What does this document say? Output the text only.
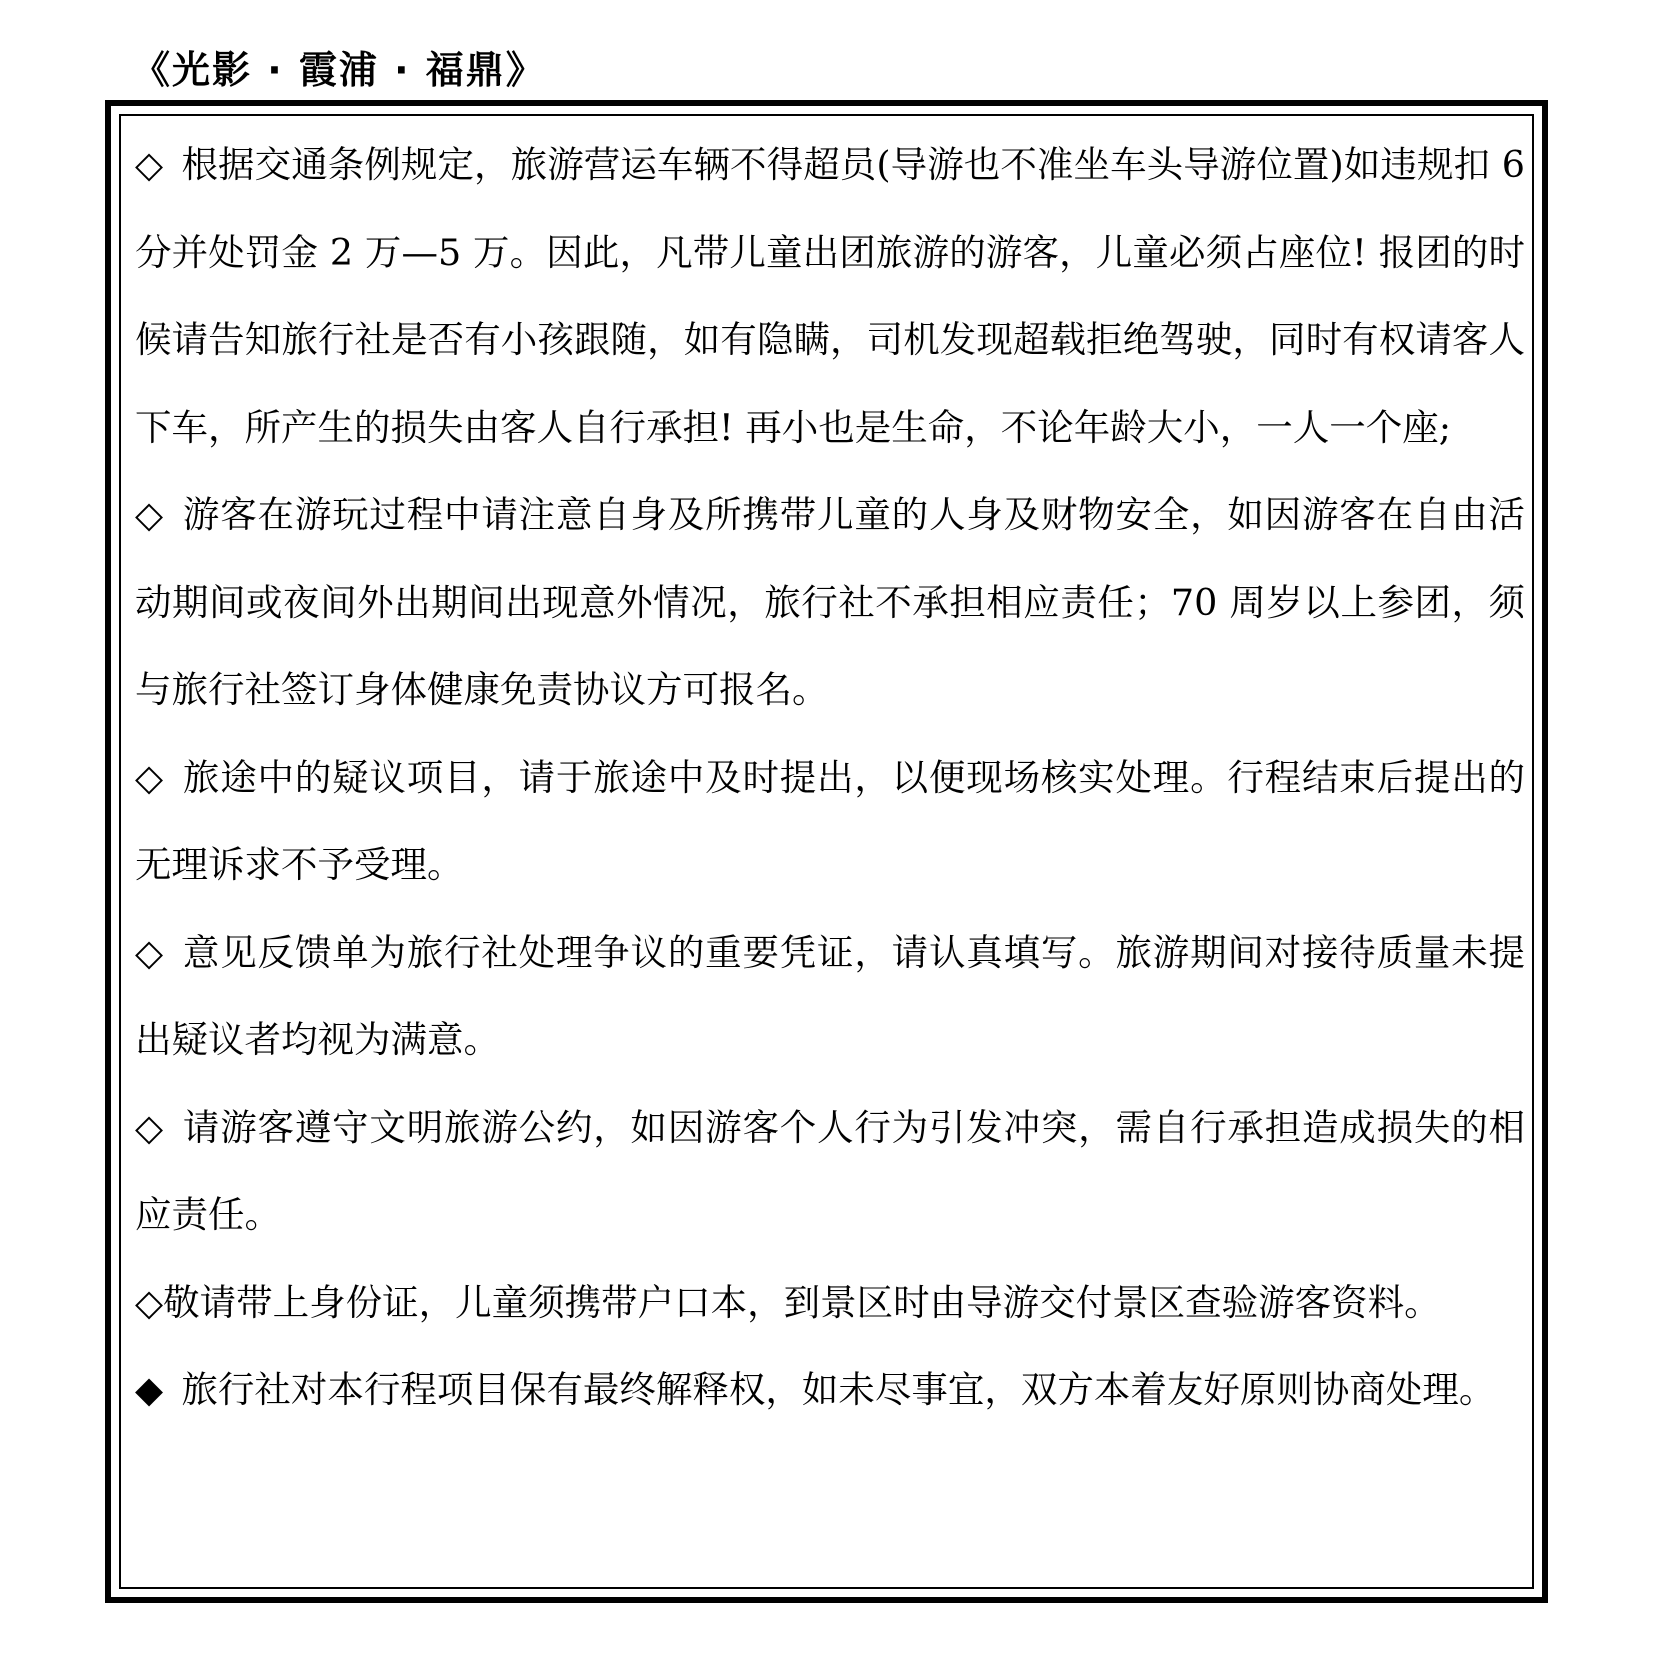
《光影 · 霞浦 · 福鼎》

◇  根据交通条例规定，旅游营运车辆不得超员(导游也不准坐车头导游位置)如违规扣 6 分并处罚金 2 万—5 万。因此，凡带儿童出团旅游的游客，儿童必须占座位! 报团的时候请告知旅行社是否有小孩跟随，如有隐瞒，司机发现超载拒绝驾驶，同时有权请客人下车，所产生的损失由客人自行承担! 再小也是生命，不论年龄大小，一人一个座;

◇  游客在游玩过程中请注意自身及所携带儿童的人身及财物安全，如因游客在自由活动期间或夜间外出期间出现意外情况，旅行社不承担相应责任；70 周岁以上参团，须与旅行社签订身体健康免责协议方可报名。

◇  旅途中的疑议项目，请于旅途中及时提出，以便现场核实处理。行程结束后提出的无理诉求不予受理。

◇  意见反馈单为旅行社处理争议的重要凭证，请认真填写。旅游期间对接待质量未提出疑议者均视为满意。

◇  请游客遵守文明旅游公约，如因游客个人行为引发冲突，需自行承担造成损失的相应责任。

◇敬请带上身份证，儿童须携带户口本，到景区时由导游交付景区查验游客资料。

◆  旅行社对本行程项目保有最终解释权，如未尽事宜，双方本着友好原则协商处理。
